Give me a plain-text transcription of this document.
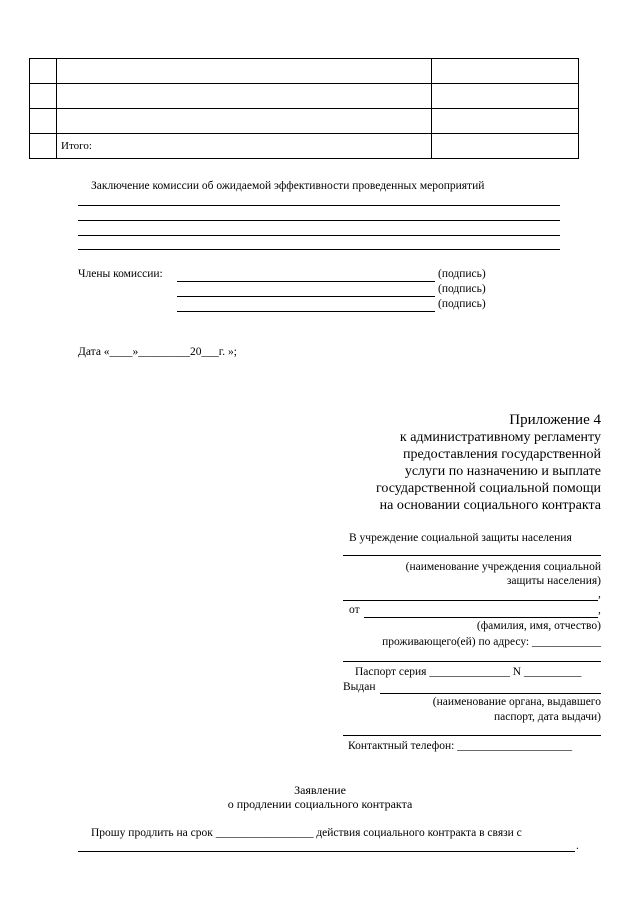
	Итого:	
Заключение комиссии об ожидаемой эффективности проведенных мероприятий
Члены комиссии:	(подпись)
(подпись)
(подпись)
Дата «____»_________20___г. »;
Приложение 4
к административному регламенту
предоставления государственной
услуги по назначению и выплате
государственной социальной помощи
на основании социального контракта
В учреждение социальной защиты населения
(наименование учреждения социальной
защиты населения)
,
от	,
(фамилия, имя, отчество)
проживающего(ей) по адресу: ____________
Паспорт серия ______________ N __________
Выдан
(наименование органа, выдавшего
паспорт, дата выдачи)
Контактный телефон: ____________________
Заявление
о продлении социального контракта
Прошу продлить на срок _________________ действия социального контракта в связи с
.
